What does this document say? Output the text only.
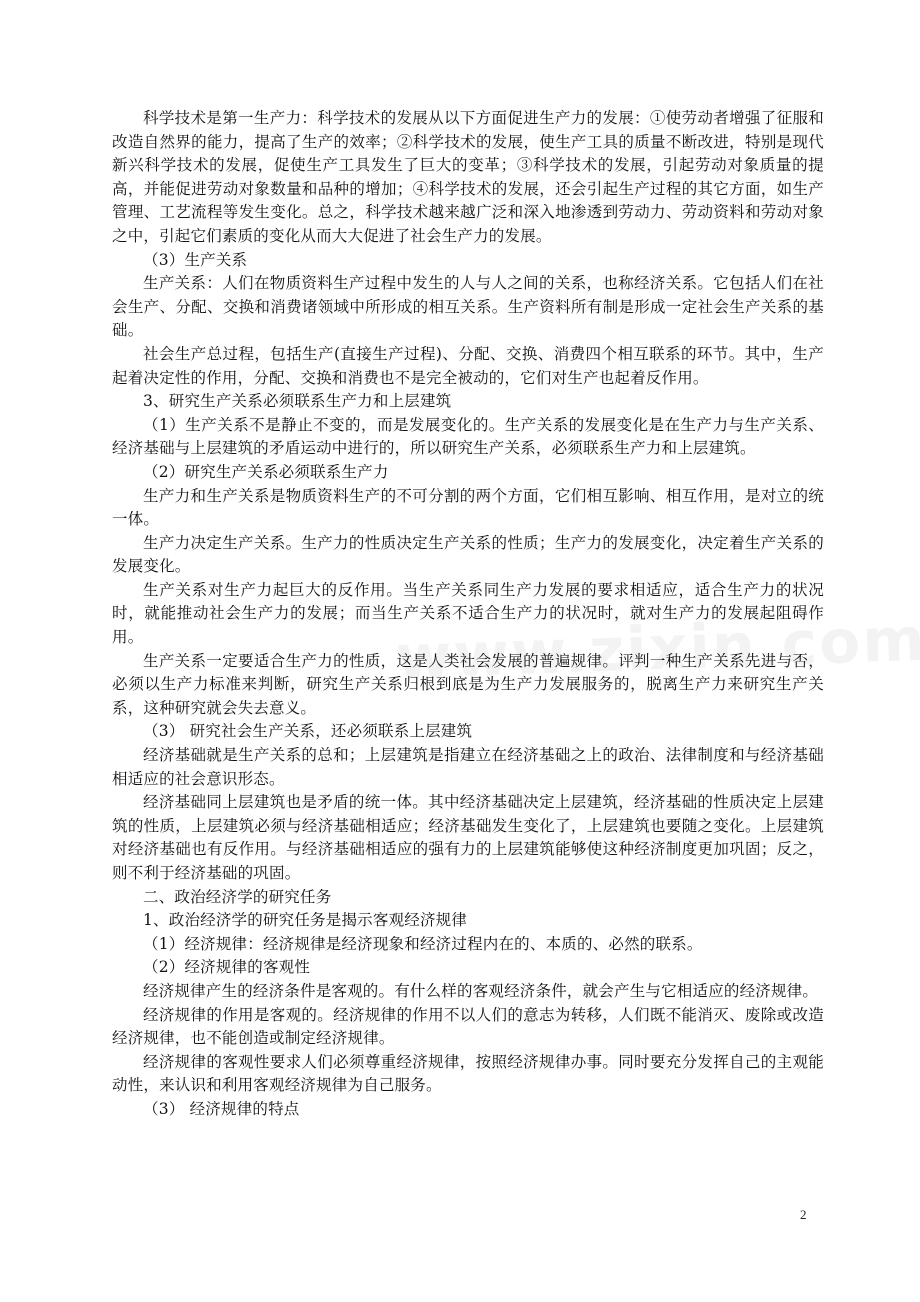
科学技术是第一生产力：科学技术的发展从以下方面促进生产力的发展：①使劳动者增强了征服和改造自然界的能力，提高了生产的效率；②科学技术的发展，使生产工具的质量不断改进，特别是现代新兴科学技术的发展，促使生产工具发生了巨大的变革；③科学技术的发展，引起劳动对象质量的提高，并能促进劳动对象数量和品种的增加；④科学技术的发展，还会引起生产过程的其它方面，如生产管理、工艺流程等发生变化。总之，科学技术越来越广泛和深入地渗透到劳动力、劳动资料和劳动对象之中，引起它们素质的变化从而大大促进了社会生产力的发展。

（3）生产关系

生产关系：人们在物质资料生产过程中发生的人与人之间的关系，也称经济关系。它包括人们在社会生产、分配、交换和消费诸领域中所形成的相互关系。生产资料所有制是形成一定社会生产关系的基础。

社会生产总过程，包括生产(直接生产过程)、分配、交换、消费四个相互联系的环节。其中，生产起着决定性的作用，分配、交换和消费也不是完全被动的，它们对生产也起着反作用。

3、研究生产关系必须联系生产力和上层建筑

（1）生产关系不是静止不变的，而是发展变化的。生产关系的发展变化是在生产力与生产关系、经济基础与上层建筑的矛盾运动中进行的，所以研究生产关系，必须联系生产力和上层建筑。

（2）研究生产关系必须联系生产力

生产力和生产关系是物质资料生产的不可分割的两个方面，它们相互影响、相互作用，是对立的统一体。

生产力决定生产关系。生产力的性质决定生产关系的性质；生产力的发展变化，决定着生产关系的发展变化。

生产关系对生产力起巨大的反作用。当生产关系同生产力发展的要求相适应，适合生产力的状况时，就能推动社会生产力的发展；而当生产关系不适合生产力的状况时，就对生产力的发展起阻碍作用。

生产关系一定要适合生产力的性质，这是人类社会发展的普遍规律。评判一种生产关系先进与否，必须以生产力标准来判断，研究生产关系归根到底是为生产力发展服务的，脱离生产力来研究生产关系，这种研究就会失去意义。

（3） 研究社会生产关系，还必须联系上层建筑

经济基础就是生产关系的总和；上层建筑是指建立在经济基础之上的政治、法律制度和与经济基础相适应的社会意识形态。

经济基础同上层建筑也是矛盾的统一体。其中经济基础决定上层建筑，经济基础的性质决定上层建筑的性质，上层建筑必须与经济基础相适应；经济基础发生变化了，上层建筑也要随之变化。上层建筑对经济基础也有反作用。与经济基础相适应的强有力的上层建筑能够使这种经济制度更加巩固；反之，则不利于经济基础的巩固。

二、政治经济学的研究任务

1、政治经济学的研究任务是揭示客观经济规律

（1）经济规律：经济规律是经济现象和经济过程内在的、本质的、必然的联系。

（2）经济规律的客观性

经济规律产生的经济条件是客观的。有什么样的客观经济条件，就会产生与它相适应的经济规律。

经济规律的作用是客观的。经济规律的作用不以人们的意志为转移，人们既不能消灭、废除或改造经济规律，也不能创造或制定经济规律。

经济规律的客观性要求人们必须尊重经济规律，按照经济规律办事。同时要充分发挥自己的主观能动性，来认识和利用客观经济规律为自己服务。

（3） 经济规律的特点

2
